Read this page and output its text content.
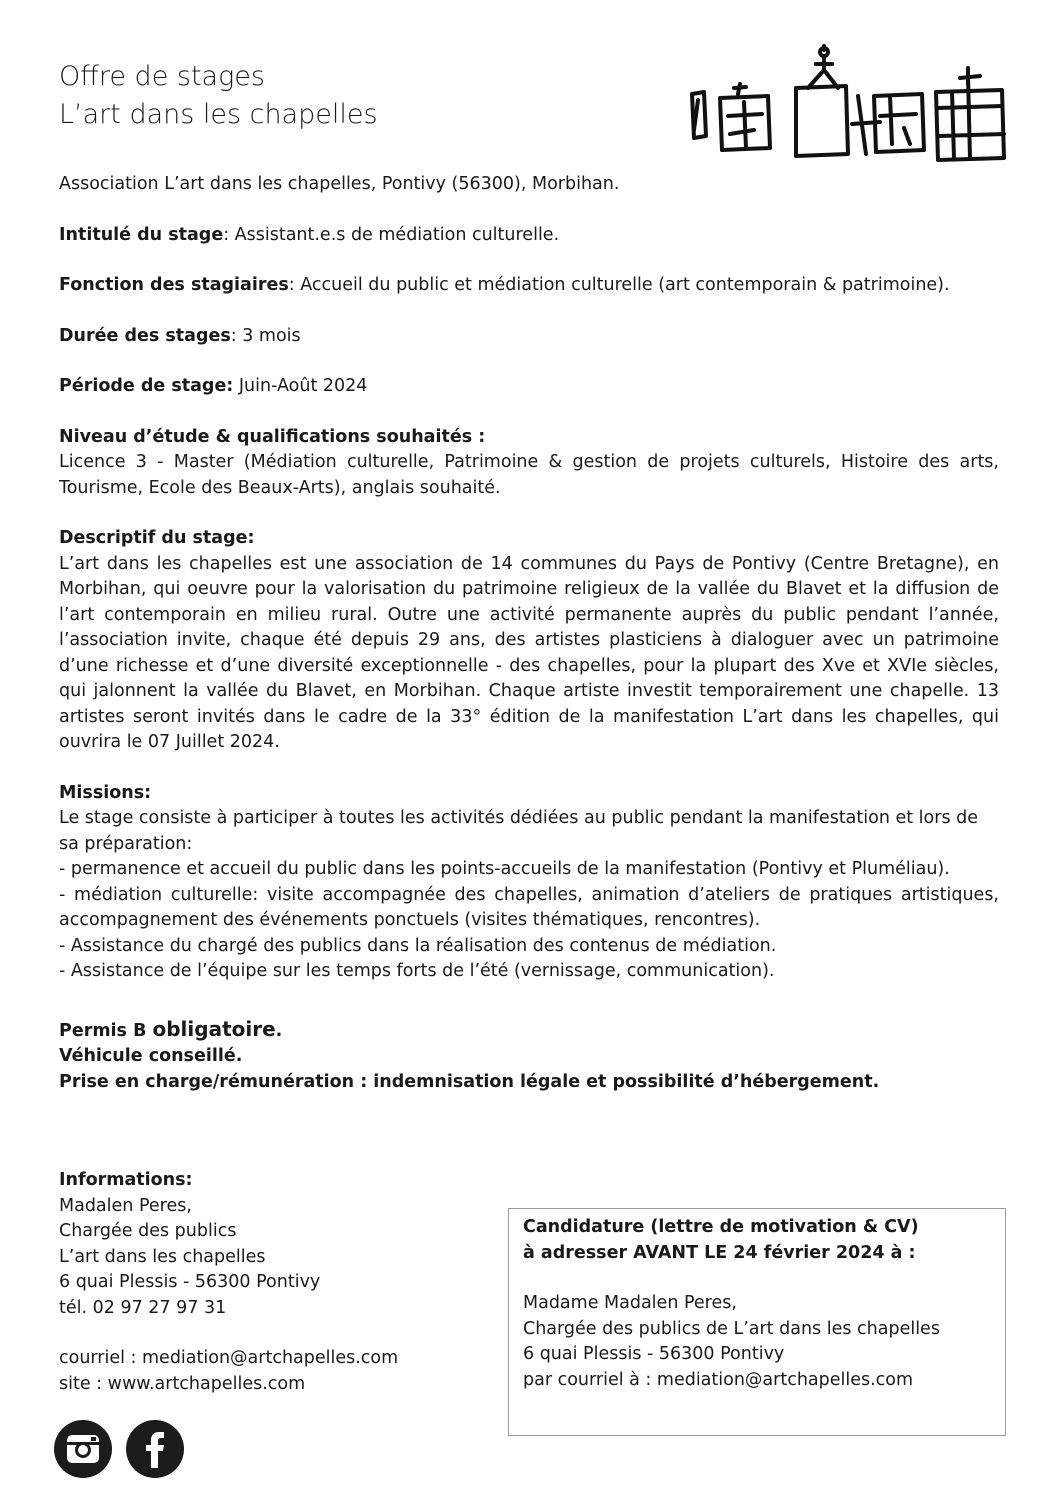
Offre de stages
L’art dans les chapelles

Association L’art dans les chapelles, Pontivy (56300), Morbihan.

Intitulé du stage: Assistant.e.s de médiation culturelle.

Fonction des stagiaires: Accueil du public et médiation culturelle (art contemporain & patrimoine).

Durée des stages: 3 mois

Période de stage: Juin-Août 2024

Niveau d’étude & qualifications souhaités :

Licence 3 - Master (Médiation culturelle, Patrimoine & gestion de projets culturels, Histoire des arts, Tourisme, Ecole des Beaux-Arts), anglais souhaité.

Descriptif du stage:

L’art dans les chapelles est une association de 14 communes du Pays de Pontivy (Centre Bretagne), en Morbihan, qui oeuvre pour la valorisation du patrimoine religieux de la vallée du Blavet et la diffusion de l’art contemporain en milieu rural. Outre une activité permanente auprès du public pendant l’année, l’association invite, chaque été depuis 29 ans, des artistes plasticiens à dialoguer avec un patrimoine d’une richesse et d’une diversité exceptionnelle - des chapelles, pour la plupart des Xve et XVIe siècles, qui jalonnent la vallée du Blavet, en Morbihan. Chaque artiste investit temporairement une chapelle. 13 artistes seront invités dans le cadre de la 33° édition de la manifestation L’art dans les chapelles, qui ouvrira le 07 Juillet 2024.

Missions:

Le stage consiste à participer à toutes les activités dédiées au public pendant la manifestation et lors de sa préparation:

- permanence et accueil du public dans les points-accueils de la manifestation (Pontivy et Pluméliau).

- médiation culturelle: visite accompagnée des chapelles, animation d’ateliers de pratiques artistiques, accompagnement des événements ponctuels (visites thématiques, rencontres).

- Assistance du chargé des publics dans la réalisation des contenus de médiation.

- Assistance de l’équipe sur les temps forts de l’été (vernissage, communication).

Permis B obligatoire.

Véhicule conseillé.

Prise en charge/rémunération : indemnisation légale et possibilité d’hébergement.

Informations:

Madalen Peres,

Chargée des publics

L’art dans les chapelles

6 quai Plessis - 56300 Pontivy

tél. 02 97 27 97 31

courriel : mediation@artchapelles.com

site : www.artchapelles.com

Candidature (lettre de motivation & CV)

à adresser AVANT LE 24 février 2024 à :

Madame Madalen Peres,

Chargée des publics de L’art dans les chapelles

6 quai Plessis - 56300 Pontivy

par courriel à : mediation@artchapelles.com
